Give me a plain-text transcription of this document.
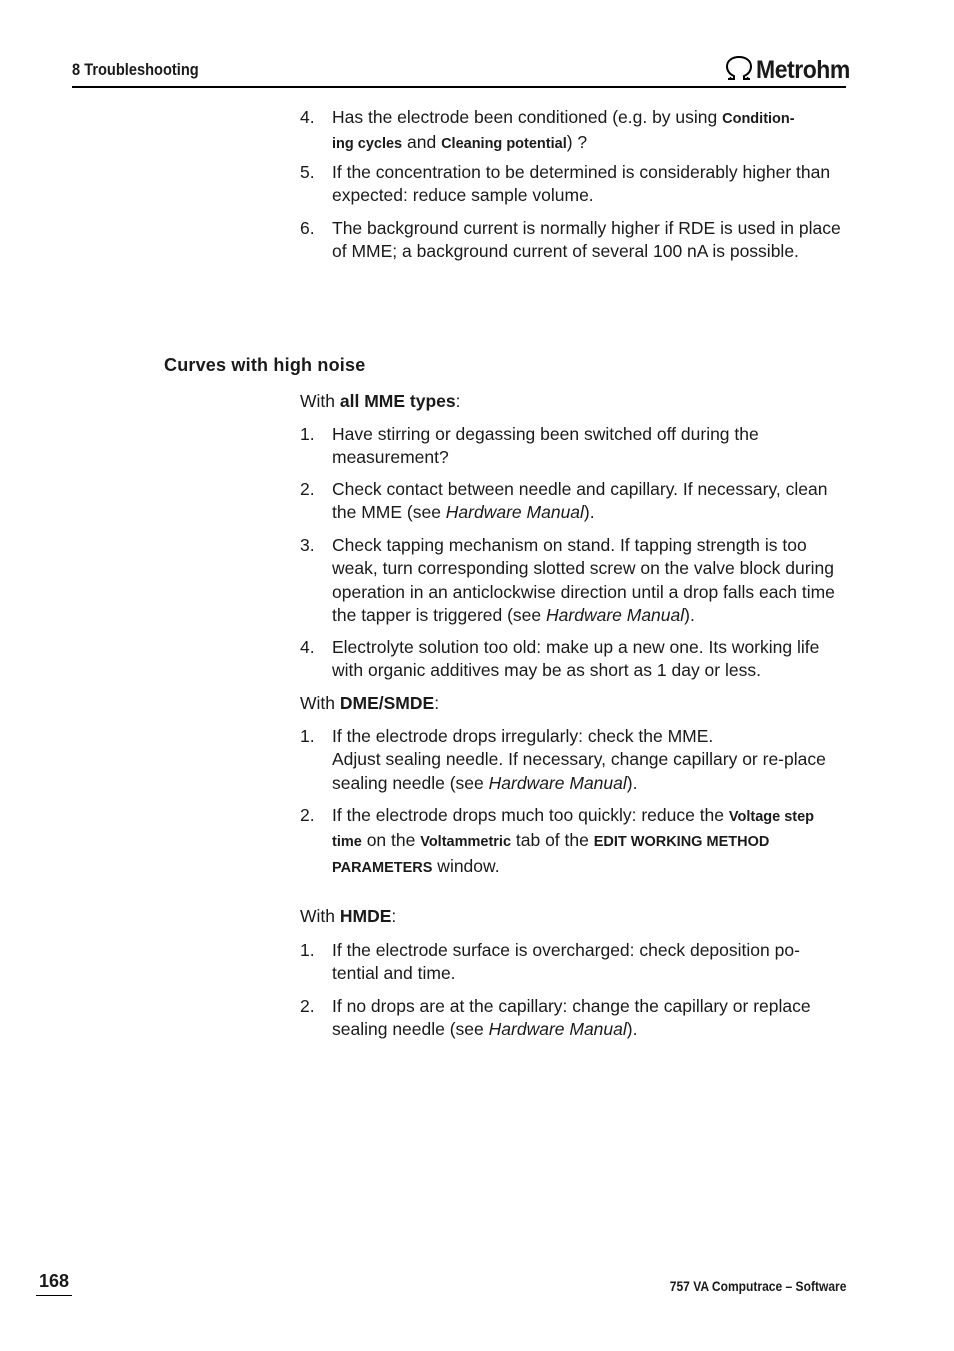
8 Troubleshooting	Metrohm
4. Has the electrode been conditioned (e.g. by using Condition-
ing cycles and Cleaning potential) ?
5. If the concentration to be determined is considerably higher than expected: reduce sample volume.
6. The background current is normally higher if RDE is used in place of MME; a background current of several 100 nA is possible.
Curves with high noise
With all MME types:
1. Have stirring or degassing been switched off during the measurement?
2. Check contact between needle and capillary. If necessary, clean the MME (see Hardware Manual).
3. Check tapping mechanism on stand. If tapping strength is too weak, turn corresponding slotted screw on the valve block during operation in an anticlockwise direction until a drop falls each time the tapper is triggered (see Hardware Manual).
4. Electrolyte solution too old: make up a new one. Its working life with organic additives may be as short as 1 day or less.
With DME/SMDE:
1. If the electrode drops irregularly: check the MME.
Adjust sealing needle. If necessary, change capillary or re-place sealing needle (see Hardware Manual).
2. If the electrode drops much too quickly: reduce the Voltage step time on the Voltammetric tab of the EDIT WORKING METHOD PARAMETERS window.
With HMDE:
1. If the electrode surface is overcharged: check deposition po-tential and time.
2. If no drops are at the capillary: change the capillary or replace sealing needle (see Hardware Manual).
168	757 VA Computrace – Software
